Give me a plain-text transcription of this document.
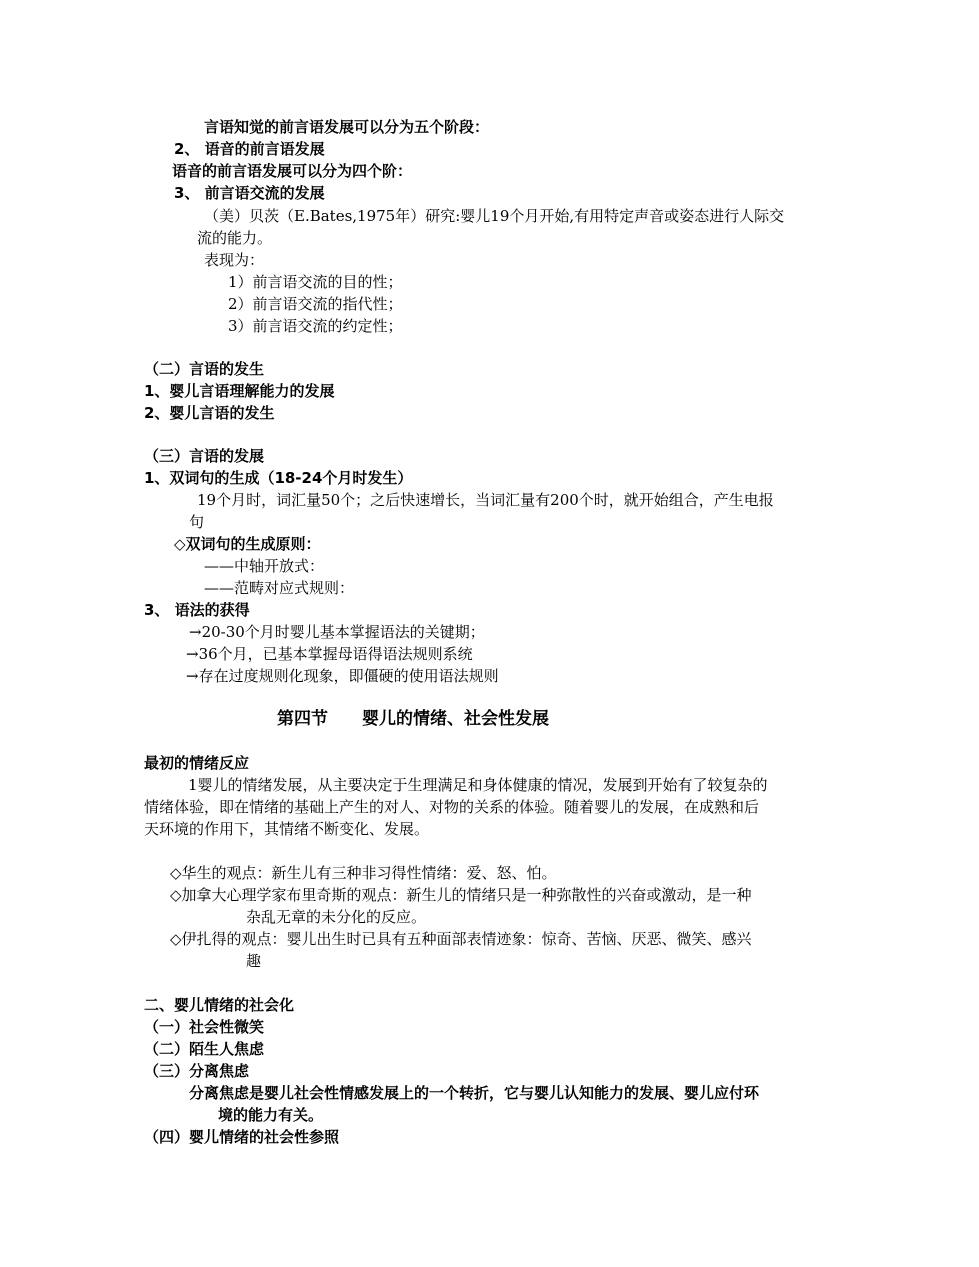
言语知觉的前言语发展可以分为五个阶段：
2、 语音的前言语发展
语音的前言语发展可以分为四个阶：
3、 前言语交流的发展
（美）贝茨（E.Bates,1975年）研究:婴儿19个月开始,有用特定声音或姿态进行人际交
流的能力。
表现为：
1）前言语交流的目的性；
2）前言语交流的指代性；
3）前言语交流的约定性；
（二）言语的发生
1、婴儿言语理解能力的发展
2、婴儿言语的发生
（三）言语的发展
1、双词句的生成（18-24个月时发生）
19个月时，词汇量50个；之后快速增长，当词汇量有200个时，就开始组合，产生电报
句
◇双词句的生成原则：
——中轴开放式：
——范畴对应式规则：
3、 语法的获得
→20-30个月时婴儿基本掌握语法的关键期；
→36个月，已基本掌握母语得语法规则系统
→存在过度规则化现象，即僵硬的使用语法规则
第四节　　婴儿的情绪、社会性发展
最初的情绪反应
1婴儿的情绪发展，从主要决定于生理满足和身体健康的情况，发展到开始有了较复杂的
情绪体验，即在情绪的基础上产生的对人、对物的关系的体验。随着婴儿的发展，在成熟和后
天环境的作用下，其情绪不断变化、发展。
◇华生的观点：新生儿有三种非习得性情绪：爱、怒、怕。
◇加拿大心理学家布里奇斯的观点：新生儿的情绪只是一种弥散性的兴奋或激动，是一种
杂乱无章的未分化的反应。
◇伊扎得的观点：婴儿出生时已具有五种面部表情迹象：惊奇、苦恼、厌恶、微笑、感兴
趣
二、婴儿情绪的社会化
（一）社会性微笑
（二）陌生人焦虑
（三）分离焦虑
分离焦虑是婴儿社会性情感发展上的一个转折，它与婴儿认知能力的发展、婴儿应付环
境的能力有关。
（四）婴儿情绪的社会性参照
